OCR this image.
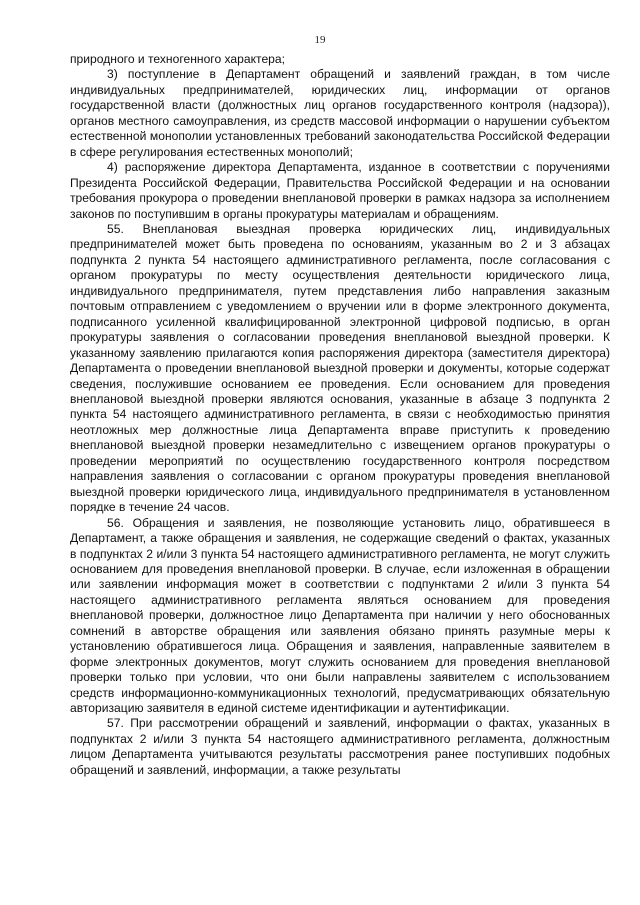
19

природного и техногенного характера;

3) поступление в Департамент обращений и заявлений граждан, в том числе индивидуальных предпринимателей, юридических лиц, информации от органов государственной власти (должностных лиц органов государственного контроля (надзора)), органов местного самоуправления, из средств массовой информации о нарушении субъектом естественной монополии установленных требований законодательства Российской Федерации в сфере регулирования естественных монополий;

4) распоряжение директора Департамента, изданное в соответствии с поручениями Президента Российской Федерации, Правительства Российской Федерации и на основании требования прокурора о проведении внеплановой проверки в рамках надзора за исполнением законов по поступившим в органы прокуратуры материалам и обращениям.

55. Внеплановая выездная проверка юридических лиц, индивидуальных предпринимателей может быть проведена по основаниям, указанным во 2 и 3 абзацах подпункта 2 пункта 54 настоящего административного регламента, после согласования с органом прокуратуры по месту осуществления деятельности юридического лица, индивидуального предпринимателя, путем представления либо направления заказным почтовым отправлением с уведомлением о вручении или в форме электронного документа, подписанного усиленной квалифицированной электронной цифровой подписью, в орган прокуратуры заявления о согласовании проведения внеплановой выездной проверки. К указанному заявлению прилагаются копия распоряжения директора (заместителя директора) Департамента о проведении внеплановой выездной проверки и документы, которые содержат сведения, послужившие основанием ее проведения. Если основанием для проведения внеплановой выездной проверки являются основания, указанные в абзаце 3 подпункта 2 пункта 54 настоящего административного регламента, в связи с необходимостью принятия неотложных мер должностные лица Департамента вправе приступить к проведению внеплановой выездной проверки незамедлительно с извещением органов прокуратуры о проведении мероприятий по осуществлению государственного контроля посредством направления заявления о согласовании с органом прокуратуры проведения внеплановой выездной проверки юридического лица, индивидуального предпринимателя в установленном порядке в течение 24 часов.

56. Обращения и заявления, не позволяющие установить лицо, обратившееся в Департамент, а также обращения и заявления, не содержащие сведений о фактах, указанных в подпунктах 2 и/или 3 пункта 54 настоящего административного регламента, не могут служить основанием для проведения внеплановой проверки. В случае, если изложенная в обращении или заявлении информация может в соответствии с подпунктами 2 и/или 3 пункта 54 настоящего административного регламента являться основанием для проведения внеплановой проверки, должностное лицо Департамента при наличии у него обоснованных сомнений в авторстве обращения или заявления обязано принять разумные меры к установлению обратившегося лица. Обращения и заявления, направленные заявителем в форме электронных документов, могут служить основанием для проведения внеплановой проверки только при условии, что они были направлены заявителем с использованием средств информационно-коммуникационных технологий, предусматривающих обязательную авторизацию заявителя в единой системе идентификации и аутентификации.

57. При рассмотрении обращений и заявлений, информации о фактах, указанных в подпунктах 2 и/или 3 пункта 54 настоящего административного регламента, должностным лицом Департамента учитываются результаты рассмотрения ранее поступивших подобных обращений и заявлений, информации, а также результаты
